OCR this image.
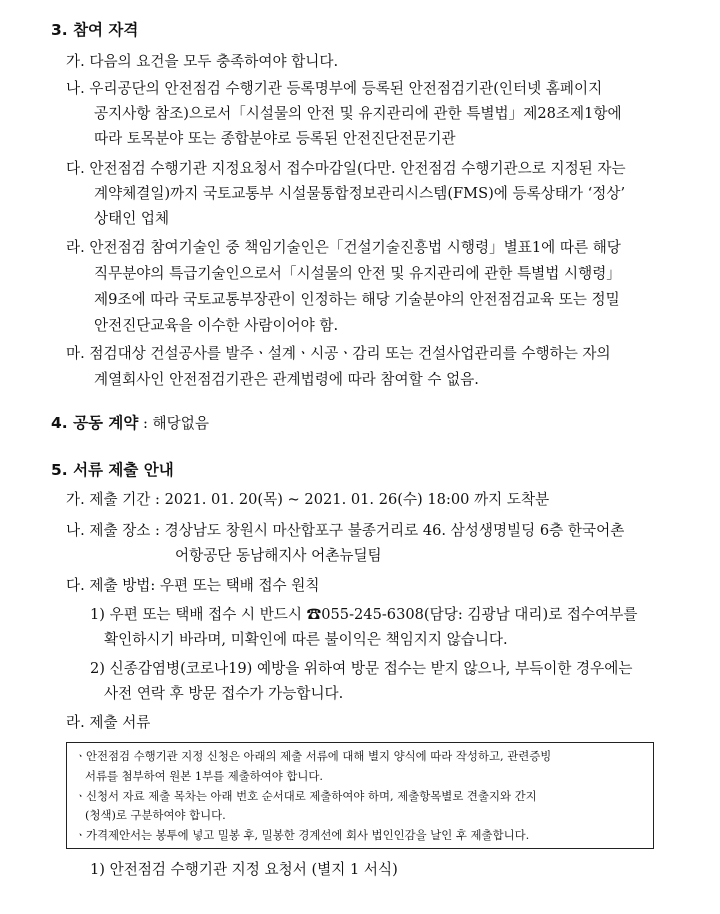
3. 참여 자격
가. 다음의 요건을 모두 충족하여야 합니다.
나. 우리공단의 안전점검 수행기관 등록명부에 등록된 안전점검기관(인터넷 홈페이지
공지사항 참조)으로서「시설물의 안전 및 유지관리에 관한 특별법」제28조제1항에
따라 토목분야 또는 종합분야로 등록된 안전진단전문기관
다. 안전점검 수행기관 지정요청서 접수마감일(다만. 안전점검 수행기관으로 지정된 자는
계약체결일)까지 국토교통부 시설물통합정보관리시스템(FMS)에 등록상태가 ‘정상’
상태인 업체
라. 안전점검 참여기술인 중 책임기술인은「건설기술진흥법 시행령」별표1에 따른 해당
직무분야의 특급기술인으로서「시설물의 안전 및 유지관리에 관한 특별법 시행령」
제9조에 따라 국토교통부장관이 인정하는 해당 기술분야의 안전점검교육 또는 정밀
안전진단교육을 이수한 사람이어야 함.
마. 점검대상 건설공사를 발주ㆍ설계ㆍ시공ㆍ감리 또는 건설사업관리를 수행하는 자의
계열회사인 안전점검기관은 관계법령에 따라 참여할 수 없음.
4. 공동 계약 : 해당없음
5. 서류 제출 안내
가. 제출 기간 : 2021. 01. 20(목) ~ 2021. 01. 26(수) 18:00 까지 도착분
나. 제출 장소 : 경상남도 창원시 마산합포구 불종거리로 46. 삼성생명빌딩 6층 한국어촌
어항공단 동남해지사 어촌뉴딜팀
다. 제출 방법: 우편 또는 택배 접수 원칙
1) 우편 또는 택배 접수 시 반드시 ☎055-245-6308(담당: 김광남 대리)로 접수여부를
확인하시기 바라며, 미확인에 따른 불이익은 책임지지 않습니다.
2) 신종감염병(코로나19) 예방을 위하여 방문 접수는 받지 않으나, 부득이한 경우에는
사전 연락 후 방문 접수가 가능합니다.
라. 제출 서류
ㆍ안전점검 수행기관 지정 신청은 아래의 제출 서류에 대해 별지 양식에 따라 작성하고, 관련증빙
서류를 첨부하여 원본 1부를 제출하여야 합니다.
ㆍ신청서 자료 제출 목차는 아래 번호 순서대로 제출하여야 하며, 제출항목별로 견출지와 간지
(청색)로 구분하여야 합니다.
ㆍ가격제안서는 봉투에 넣고 밀봉 후, 밀봉한 경계선에 회사 법인인감을 날인 후 제출합니다.
1) 안전점검 수행기관 지정 요청서 (별지 1 서식)
